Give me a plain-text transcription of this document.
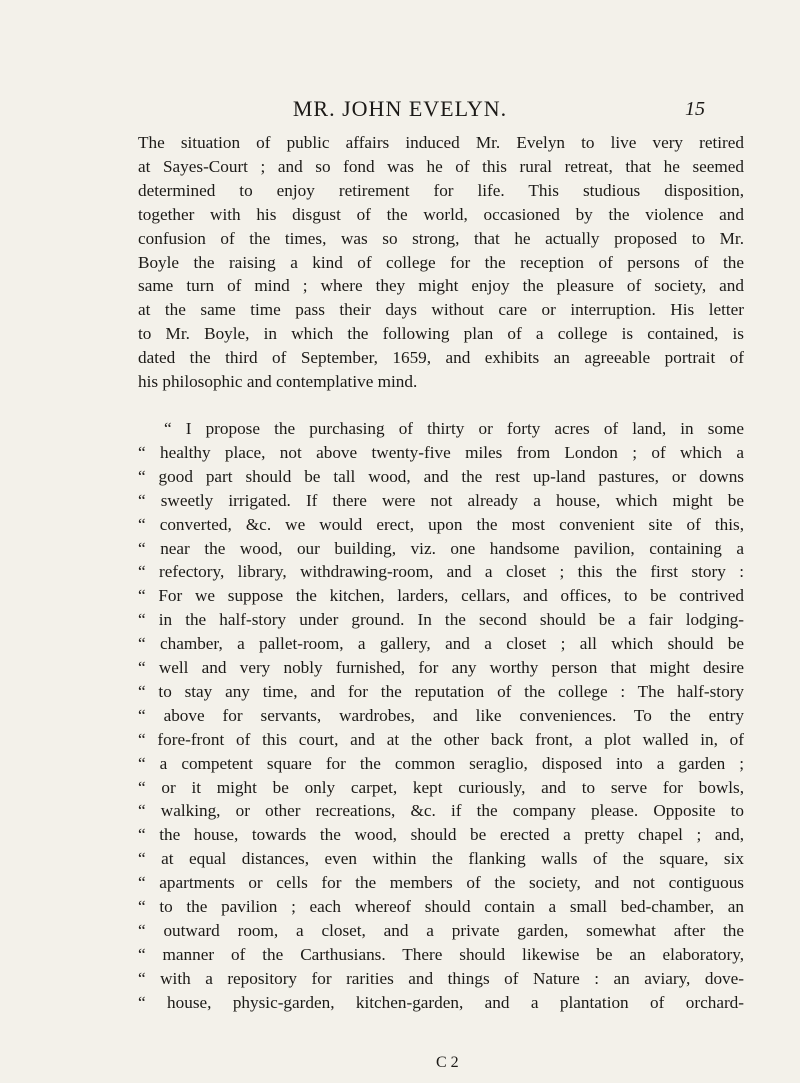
MR. JOHN EVELYN.	15
The situation of public affairs induced Mr. Evelyn to live very retired
at Sayes-Court ; and so fond was he of this rural retreat, that he seemed
determined to enjoy retirement for life. This studious disposition,
together with his disgust of the world, occasioned by the violence and
confusion of the times, was so strong, that he actually proposed to Mr.
Boyle the raising a kind of college for the reception of persons of the
same turn of mind ; where they might enjoy the pleasure of society, and
at the same time pass their days without care or interruption. His letter
to Mr. Boyle, in which the following plan of a college is contained, is
dated the third of September, 1659, and exhibits an agreeable portrait of
his philosophic and contemplative mind.
“ I propose the purchasing of thirty or forty acres of land, in some
“ healthy place, not above twenty-five miles from London ; of which a
“ good part should be tall wood, and the rest up-land pastures, or downs
“ sweetly irrigated. If there were not already a house, which might be
“ converted, &c. we would erect, upon the most convenient site of this,
“ near the wood, our building, viz. one handsome pavilion, containing a
“ refectory, library, withdrawing-room, and a closet ; this the first story :
“ For we suppose the kitchen, larders, cellars, and offices, to be contrived
“ in the half-story under ground. In the second should be a fair lodging-
“ chamber, a pallet-room, a gallery, and a closet ; all which should be
“ well and very nobly furnished, for any worthy person that might desire
“ to stay any time, and for the reputation of the college : The half-story
“ above for servants, wardrobes, and like conveniences. To the entry
“ fore-front of this court, and at the other back front, a plot walled in, of
“ a competent square for the common seraglio, disposed into a garden ;
“ or it might be only carpet, kept curiously, and to serve for bowls,
“ walking, or other recreations, &c. if the company please. Opposite to
“ the house, towards the wood, should be erected a pretty chapel ; and,
“ at equal distances, even within the flanking walls of the square, six
“ apartments or cells for the members of the society, and not contiguous
“ to the pavilion ; each whereof should contain a small bed-chamber, an
“ outward room, a closet, and a private garden, somewhat after the
“ manner of the Carthusians. There should likewise be an elaboratory,
“ with a repository for rarities and things of Nature : an aviary, dove-
“ house, physic-garden, kitchen-garden, and a plantation of orchard-
C 2
